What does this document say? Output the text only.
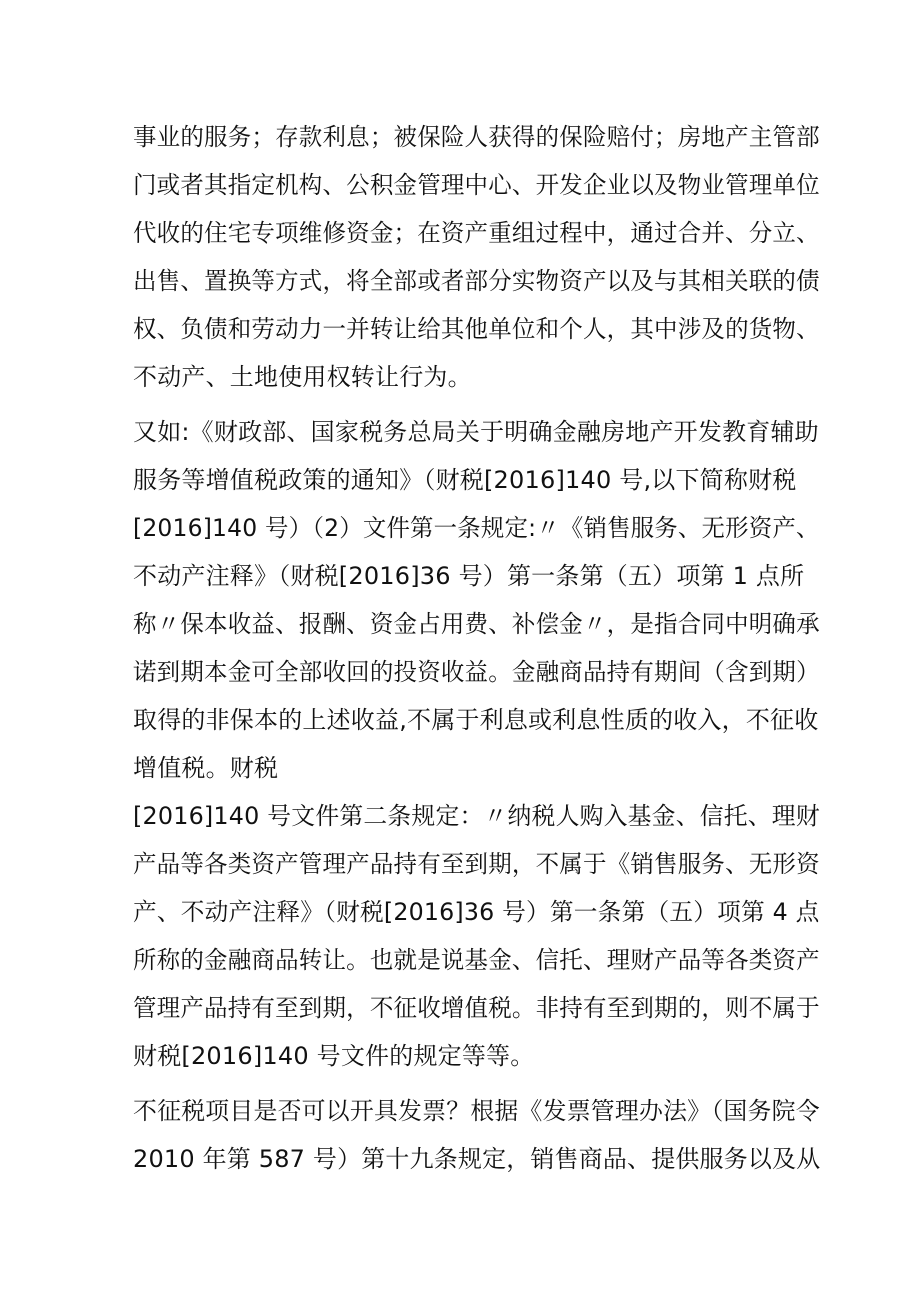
事业的服务；存款利息；被保险人获得的保险赔付；房地产主管部
门或者其指定机构、公积金管理中心、开发企业以及物业管理单位
代收的住宅专项维修资金；在资产重组过程中，通过合并、分立、
出售、置换等方式，将全部或者部分实物资产以及与其相关联的债
权、负债和劳动力一并转让给其他单位和个人，其中涉及的货物、
不动产、土地使用权转让行为。
又如:《财政部、国家税务总局关于明确金融房地产开发教育辅助
服务等增值税政策的通知》（财税[2016]140 号,以下简称财税
[2016]140 号）（2）文件第一条规定:〃《销售服务、无形资产、
不动产注释》（财税[2016]36 号）第一条第（五）项第 1 点所
称〃保本收益、报酬、资金占用费、补偿金〃，是指合同中明确承
诺到期本金可全部收回的投资收益。金融商品持有期间（含到期）
取得的非保本的上述收益,不属于利息或利息性质的收入，不征收
增值税。财税
[2016]140 号文件第二条规定：〃纳税人购入基金、信托、理财
产品等各类资产管理产品持有至到期，不属于《销售服务、无形资
产、不动产注释》（财税[2016]36 号）第一条第（五）项第 4 点
所称的金融商品转让。也就是说基金、信托、理财产品等各类资产
管理产品持有至到期，不征收增值税。非持有至到期的，则不属于
财税[2016]140 号文件的规定等等。
不征税项目是否可以开具发票？根据《发票管理办法》（国务院令
2010 年第 587 号）第十九条规定，销售商品、提供服务以及从
